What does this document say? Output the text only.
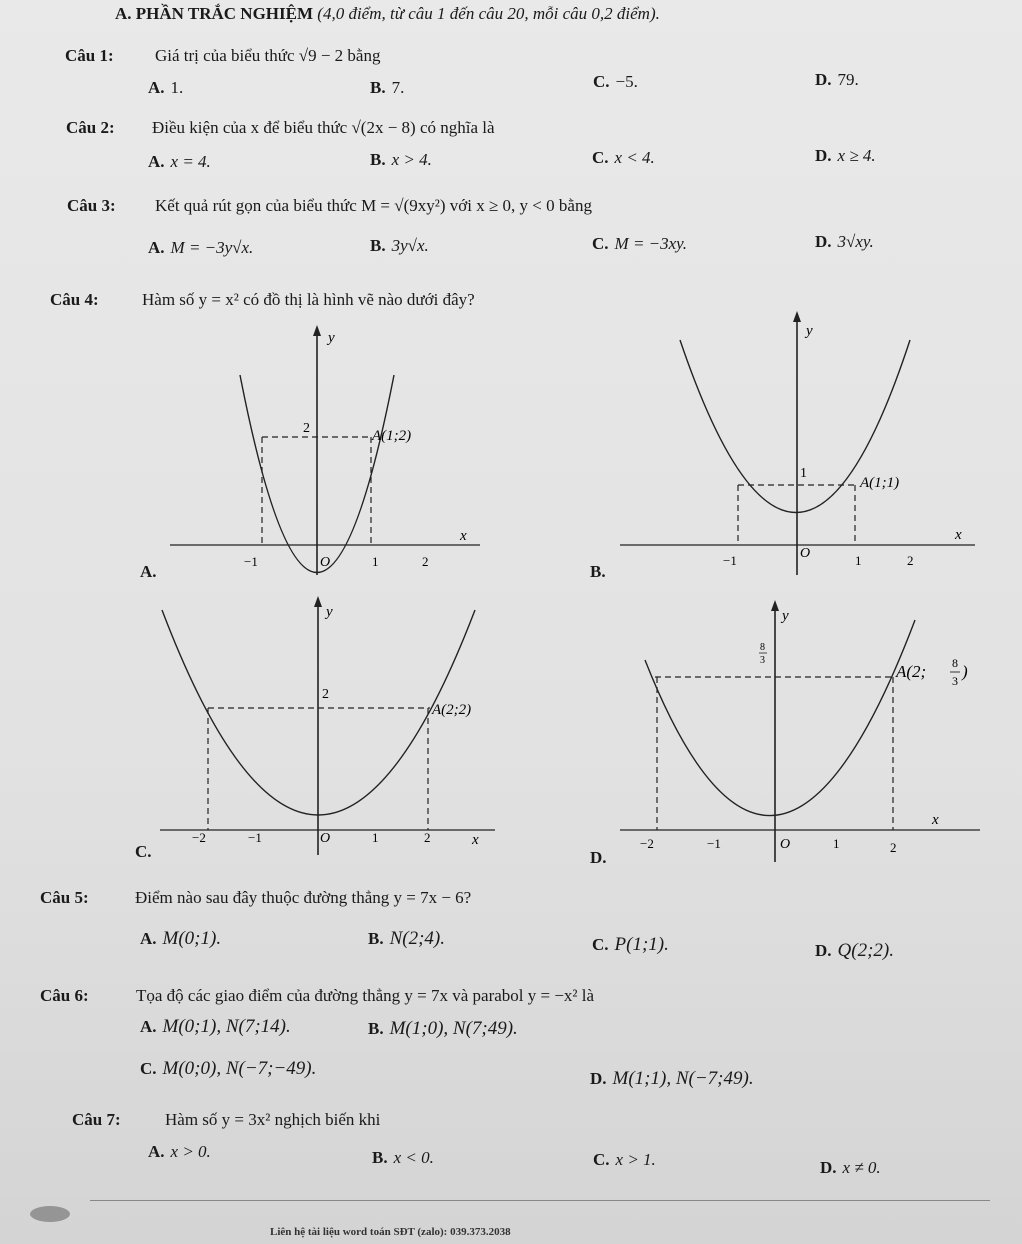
A. PHẦN TRẮC NGHIỆM (4,0 điểm, từ câu 1 đến câu 20, mỗi câu 0,2 điểm).
Câu 1: Giá trị của biểu thức √9 − 2 bằng
A. 1.	B. 7.	C. −5.	D. 79.
Câu 2: Điều kiện của x để biểu thức √(2x − 8) có nghĩa là
A. x = 4.	B. x > 4.	C. x < 4.	D. x ≥ 4.
Câu 3: Kết quả rút gọn của biểu thức M = √(9xy²) với x ≥ 0, y < 0 bằng
A. M = −3y√x.	B. 3y√x.	C. M = −3xy.	D. 3√xy.
Câu 4:	Hàm số y = x² có đồ thị là hình vẽ nào dưới đây?
A.
y
x
2	A(1;2)
−1	O	1	2
B.
y
x
1
A(1;1)
−1	O	1	2
C.
y
x
2
A(2;2)
−2	−1	O	1	2
D.
y
x
8
3
A(2; 8
3 )
−2	−1	O	1	2
Câu 5:	Điểm nào sau đây thuộc đường thẳng y = 7x − 6?
A. M(0;1).	B. N(2;4).	C. P(1;1).	D. Q(2;2).
Câu 6:	Tọa độ các giao điểm của đường thẳng y = 7x và parabol y = −x² là
A. M(0;1), N(7;14).	B. M(1;0), N(7;49).
C. M(0;0), N(−7;−49).	D. M(1;1), N(−7;49).
Câu 7:	Hàm số y = 3x² nghịch biến khi
A. x > 0.	B. x < 0.	C. x > 1.	D. x ≠ 0.
Liên hệ tài liệu word toán SĐT (zalo): 039.373.2038
